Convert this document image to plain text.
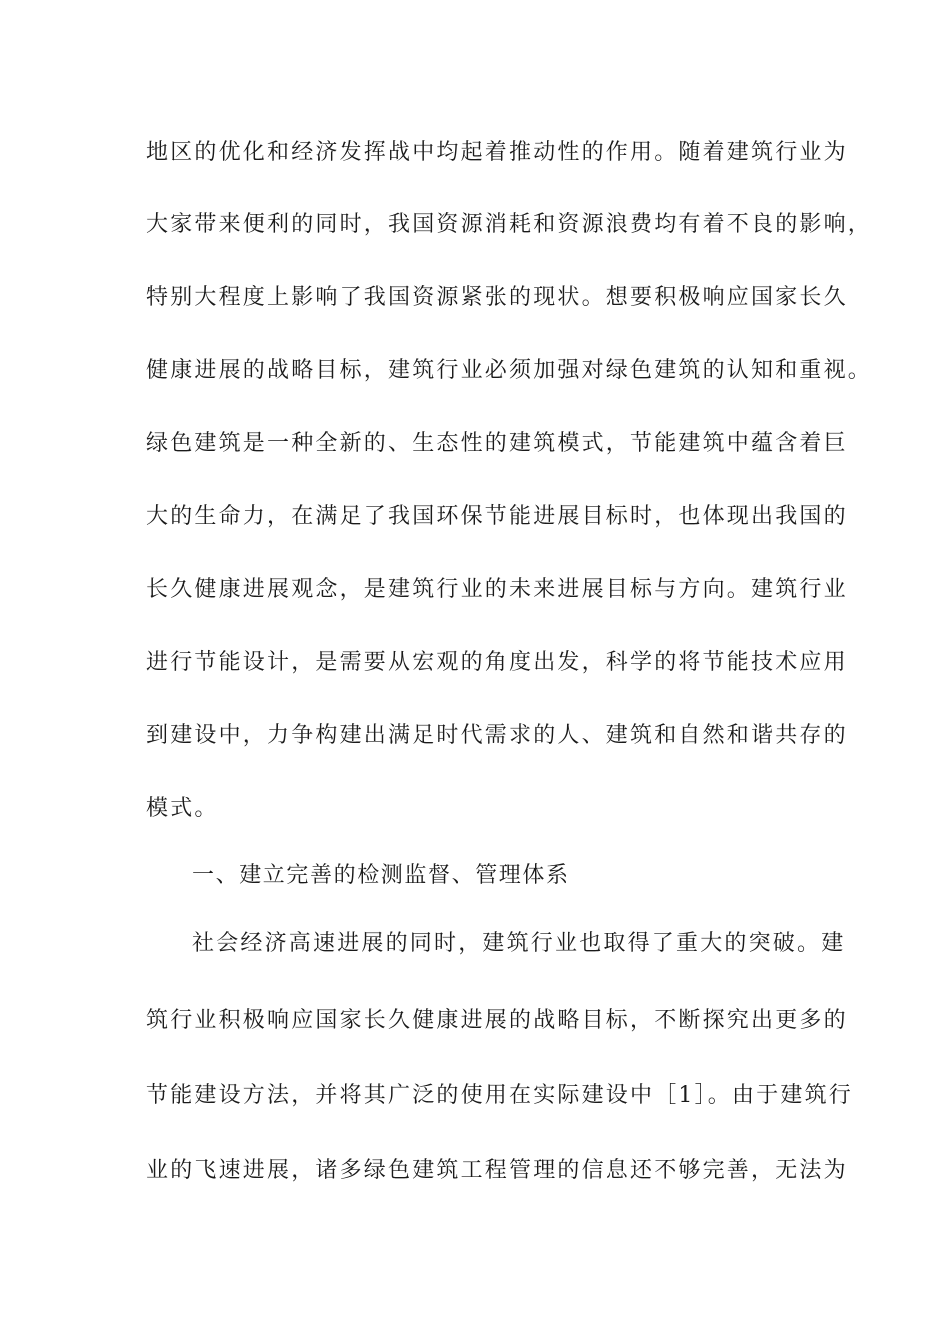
地区的优化和经济发挥战中均起着推动性的作用。随着建筑行业为
大家带来便利的同时，我国资源消耗和资源浪费均有着不良的影响，
特别大程度上影响了我国资源紧张的现状。想要积极响应国家长久
健康进展的战略目标，建筑行业必须加强对绿色建筑的认知和重视。
绿色建筑是一种全新的、生态性的建筑模式，节能建筑中蕴含着巨
大的生命力，在满足了我国环保节能进展目标时，也体现出我国的
长久健康进展观念，是建筑行业的未来进展目标与方向。建筑行业
进行节能设计，是需要从宏观的角度出发，科学的将节能技术应用
到建设中，力争构建出满足时代需求的人、建筑和自然和谐共存的
模式。
一、建立完善的检测监督、管理体系
社会经济高速进展的同时，建筑行业也取得了重大的突破。建
筑行业积极响应国家长久健康进展的战略目标，不断探究出更多的
节能建设方法，并将其广泛的使用在实际建设中［1］。由于建筑行
业的飞速进展，诸多绿色建筑工程管理的信息还不够完善，无法为
